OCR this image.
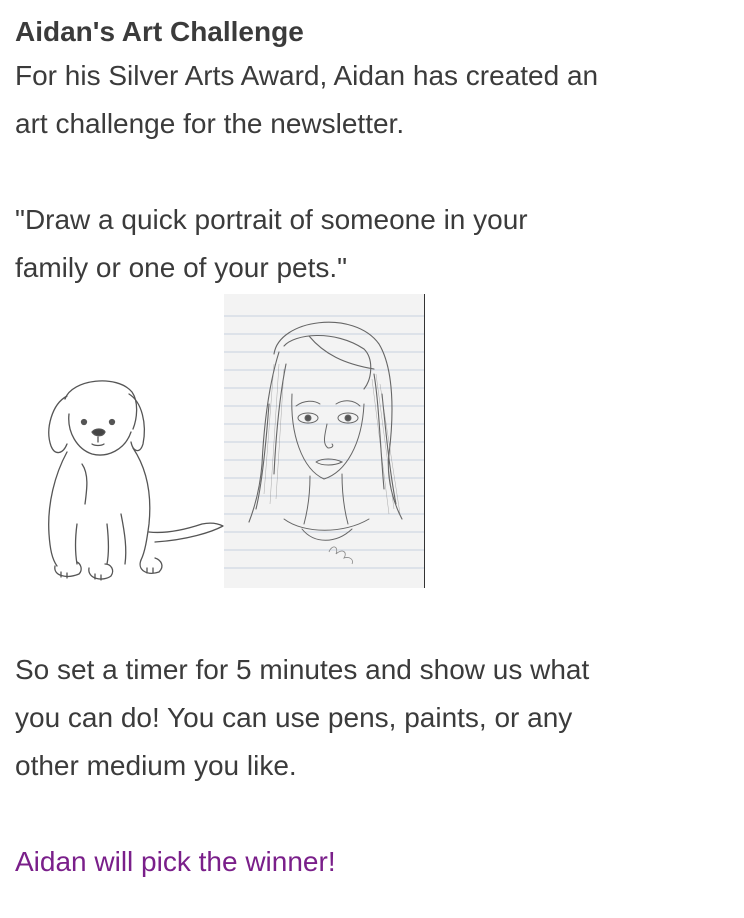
Aidan's Art Challenge

For his Silver Arts Award, Aidan has created an

art challenge for the newsletter.

"Draw a quick portrait of someone in your

family or one of your pets."

So set a timer for 5 minutes and show us what

you can do! You can use pens, paints, or any

other medium you like.

Aidan will pick the winner!
